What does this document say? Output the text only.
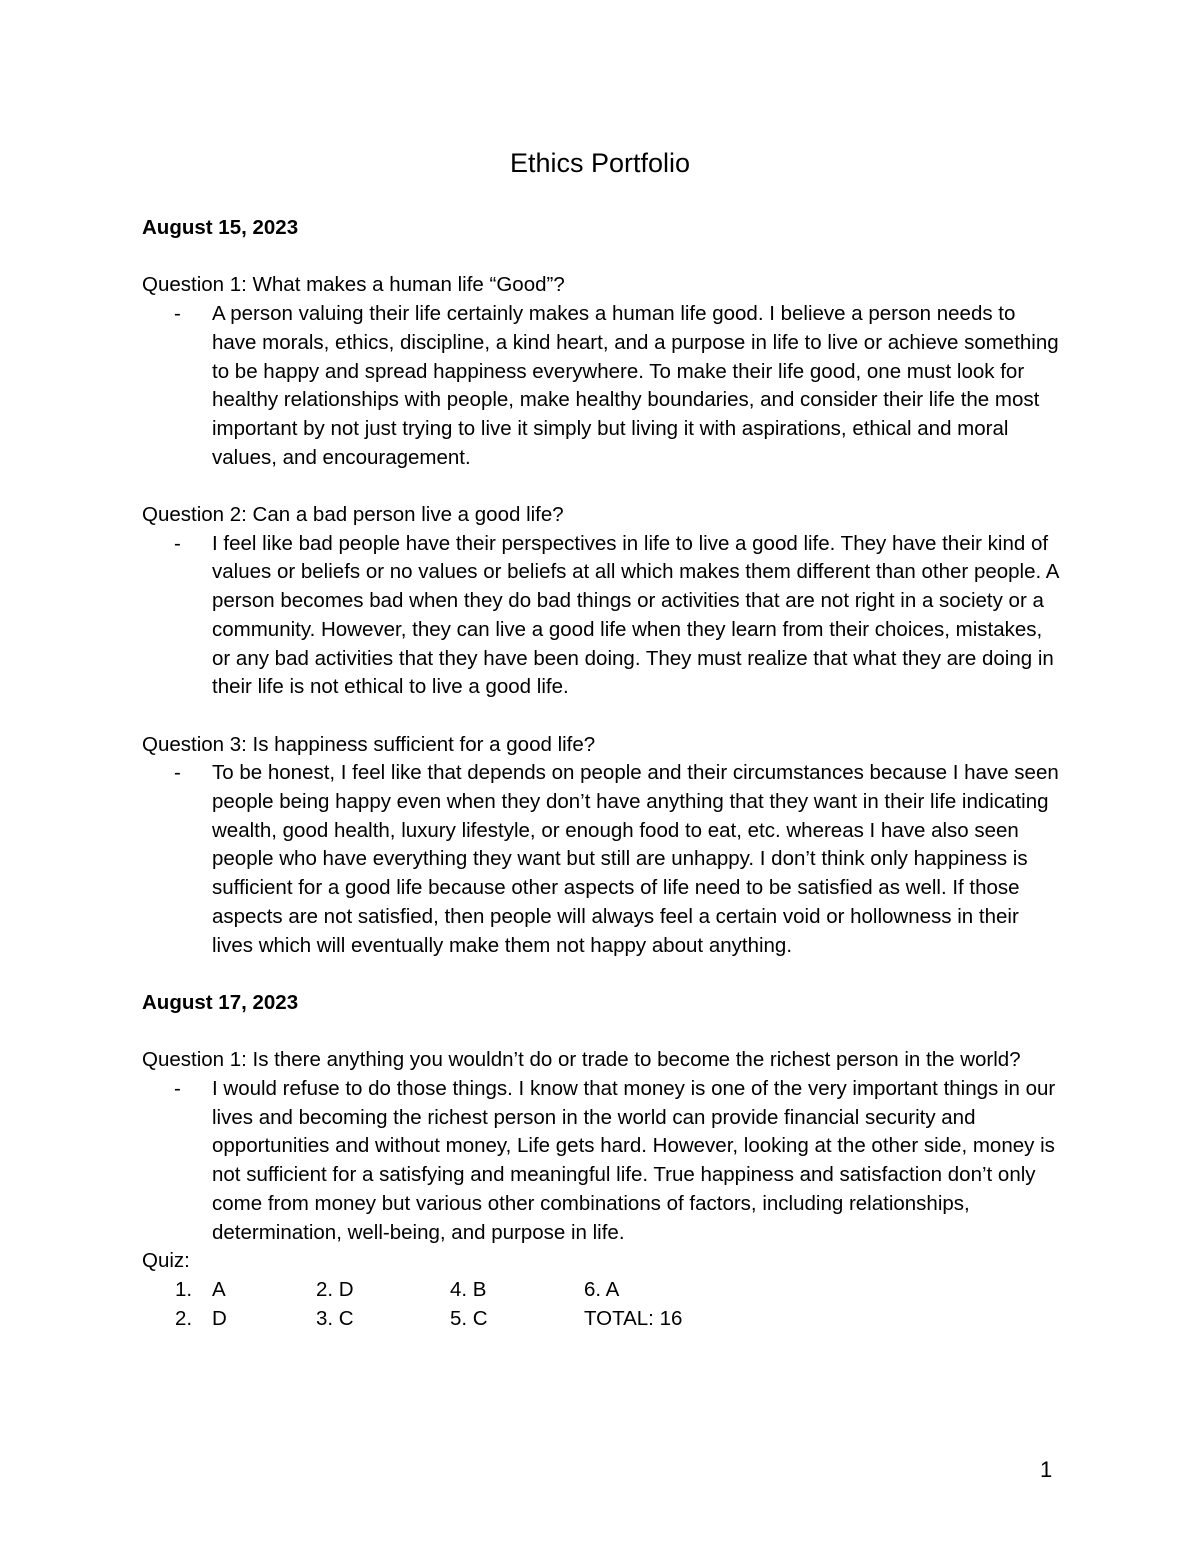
Ethics Portfolio

August 15, 2023

Question 1: What makes a human life “Good”?

-	A person valuing their life certainly makes a human life good. I believe a person needs to have morals, ethics, discipline, a kind heart, and a purpose in life to live or achieve something to be happy and spread happiness everywhere. To make their life good, one must look for healthy relationships with people, make healthy boundaries, and consider their life the most important by not just trying to live it simply but living it with aspirations, ethical and moral values, and encouragement.

Question 2: Can a bad person live a good life?

-	I feel like bad people have their perspectives in life to live a good life. They have their kind of values or beliefs or no values or beliefs at all which makes them different than other people. A person becomes bad when they do bad things or activities that are not right in a society or a community. However, they can live a good life when they learn from their choices, mistakes, or any bad activities that they have been doing. They must realize that what they are doing in their life is not ethical to live a good life.

Question 3: Is happiness sufficient for a good life?

-	To be honest, I feel like that depends on people and their circumstances because I have seen people being happy even when they don’t have anything that they want in their life indicating wealth, good health, luxury lifestyle, or enough food to eat, etc. whereas I have also seen people who have everything they want but still are unhappy. I don’t think only happiness is sufficient for a good life because other aspects of life need to be satisfied as well. If those aspects are not satisfied, then people will always feel a certain void or hollowness in their lives which will eventually make them not happy about anything.

August 17, 2023

Question 1: Is there anything you wouldn’t do or trade to become the richest person in the world?

-	I would refuse to do those things. I know that money is one of the very important things in our lives and becoming the richest person in the world can provide financial security and opportunities and without money, Life gets hard. However, looking at the other side, money is not sufficient for a satisfying and meaningful life. True happiness and satisfaction don’t only come from money but various other combinations of factors, including relationships, determination, well-being, and purpose in life.

Quiz:

1. A	2. D	4. B	6. A
2. D	3. C	5. C	TOTAL: 16
1
